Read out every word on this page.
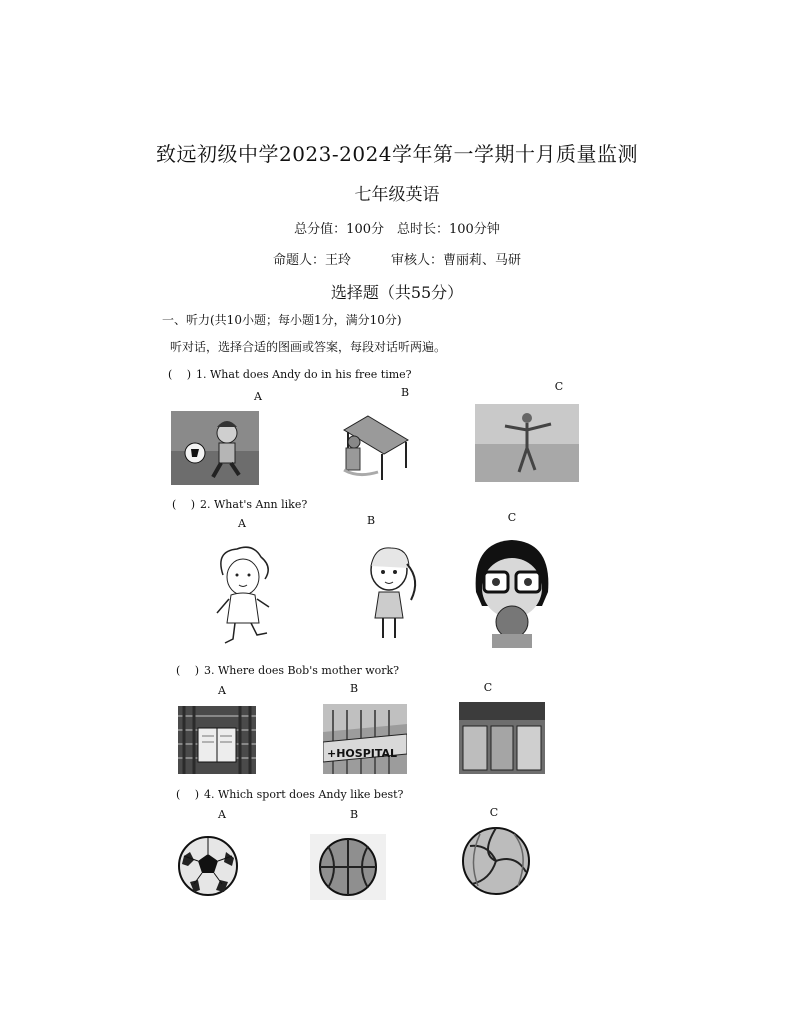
致远初级中学2023-2024学年第一学期十月质量监测
七年级英语
总分值：100分　总时长：100分钟
命题人：王玲	审核人：曹丽莉、马研
选择题（共55分）
一、听力(共10小题；每小题1分，满分10分)
听对话，选择合适的图画或答案，每段对话听两遍。
(　 ) 1. What does Andy do in his free time?
A	B	C
(　 ) 2. What's Ann like?
A	B	C
(　 ) 3. Where does Bob's mother work?
A	B	C
+HOSPITAL
(　 ) 4. Which sport does Andy like best?
A	B	C
